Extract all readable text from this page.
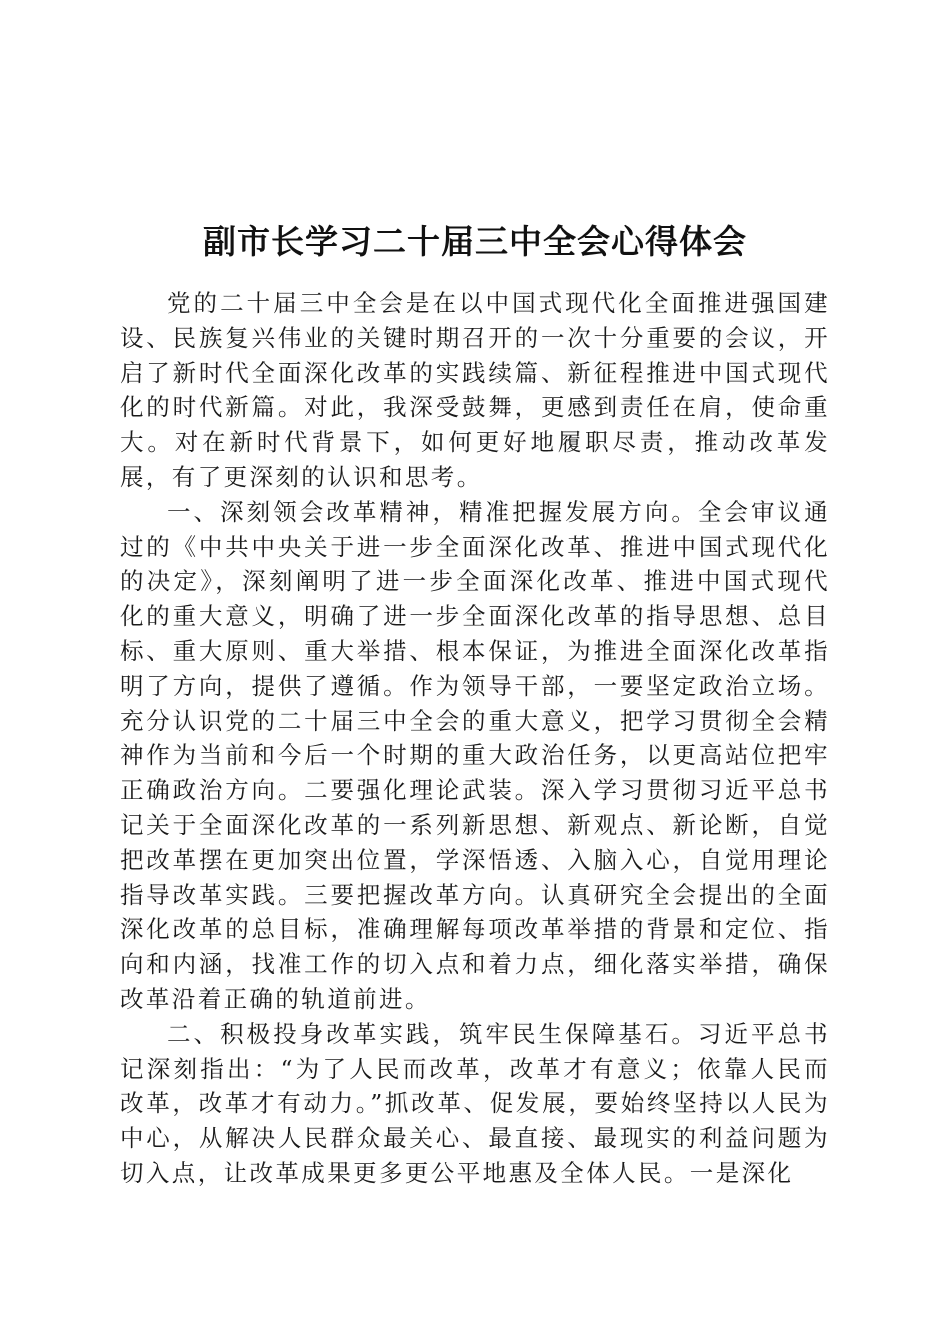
副市长学习二十届三中全会心得体会

党的二十届三中全会是在以中国式现代化全面推进强国建设、民族复兴伟业的关键时期召开的一次十分重要的会议，开启了新时代全面深化改革的实践续篇、新征程推进中国式现代化的时代新篇。对此，我深受鼓舞，更感到责任在肩，使命重大。对在新时代背景下，如何更好地履职尽责，推动改革发展，有了更深刻的认识和思考。

一、深刻领会改革精神，精准把握发展方向。全会审议通过的《中共中央关于进一步全面深化改革、推进中国式现代化的决定》，深刻阐明了进一步全面深化改革、推进中国式现代化的重大意义，明确了进一步全面深化改革的指导思想、总目标、重大原则、重大举措、根本保证，为推进全面深化改革指明了方向，提供了遵循。作为领导干部，一要坚定政治立场。充分认识党的二十届三中全会的重大意义，把学习贯彻全会精神作为当前和今后一个时期的重大政治任务，以更高站位把牢正确政治方向。二要强化理论武装。深入学习贯彻习近平总书记关于全面深化改革的一系列新思想、新观点、新论断，自觉把改革摆在更加突出位置，学深悟透、入脑入心，自觉用理论指导改革实践。三要把握改革方向。认真研究全会提出的全面深化改革的总目标，准确理解每项改革举措的背景和定位、指向和内涵，找准工作的切入点和着力点，细化落实举措，确保改革沿着正确的轨道前进。

二、积极投身改革实践，筑牢民生保障基石。习近平总书记深刻指出：“为了人民而改革，改革才有意义；依靠人民而改革，改革才有动力。”抓改革、促发展，要始终坚持以人民为中心，从解决人民群众最关心、最直接、最现实的利益问题为切入点，让改革成果更多更公平地惠及全体人民。一是深化
